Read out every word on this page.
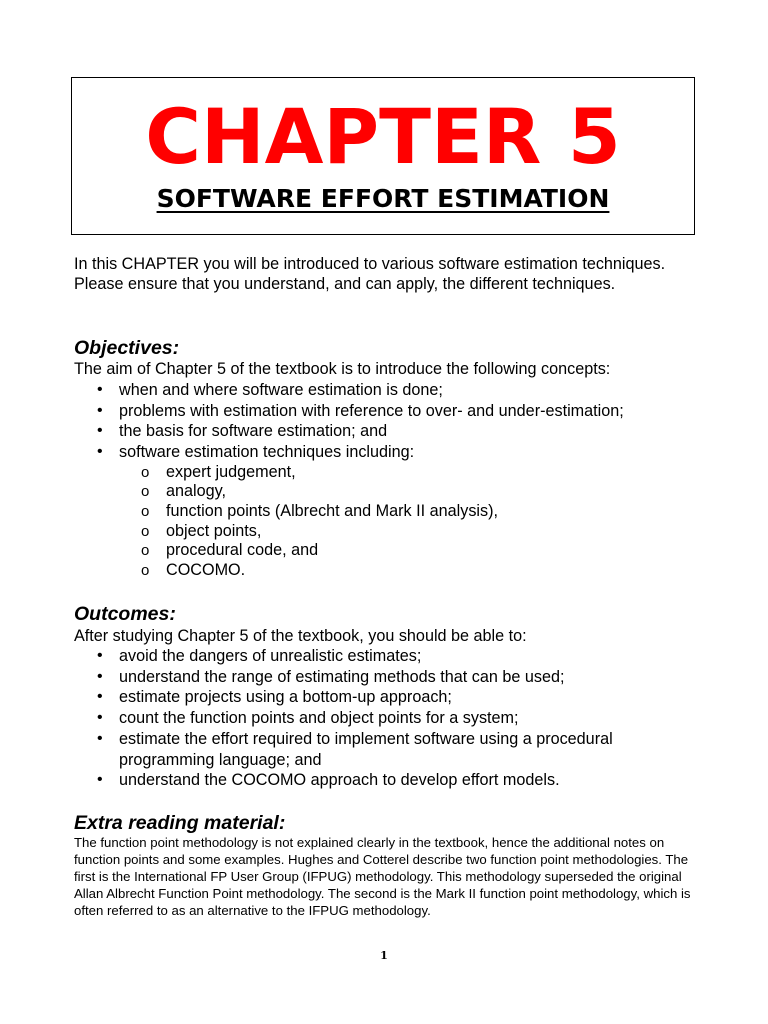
CHAPTER 5
SOFTWARE EFFORT ESTIMATION

In this CHAPTER you will be introduced to various software estimation techniques. Please ensure that you understand, and can apply, the different techniques.

Objectives:

The aim of Chapter 5 of the textbook is to introduce the following concepts:

• when and where software estimation is done;
• problems with estimation with reference to over- and under-estimation;
• the basis for software estimation; and
• software estimation techniques including:
o expert judgement,
o analogy,
o function points (Albrecht and Mark II analysis),
o object points,
o procedural code, and
o COCOMO.
Outcomes:

After studying Chapter 5 of the textbook, you should be able to:

• avoid the dangers of unrealistic estimates;
• understand the range of estimating methods that can be used;
• estimate projects using a bottom-up approach;
• count the function points and object points for a system;
• estimate the effort required to implement software using a procedural programming language; and
• understand the COCOMO approach to develop effort models.
Extra reading material:

The function point methodology is not explained clearly in the textbook, hence the additional notes on function points and some examples. Hughes and Cotterel describe two function point methodologies. The first is the International FP User Group (IFPUG) methodology. This methodology superseded the original Allan Albrecht Function Point methodology. The second is the Mark II function point methodology, which is often referred to as an alternative to the IFPUG methodology.

1
